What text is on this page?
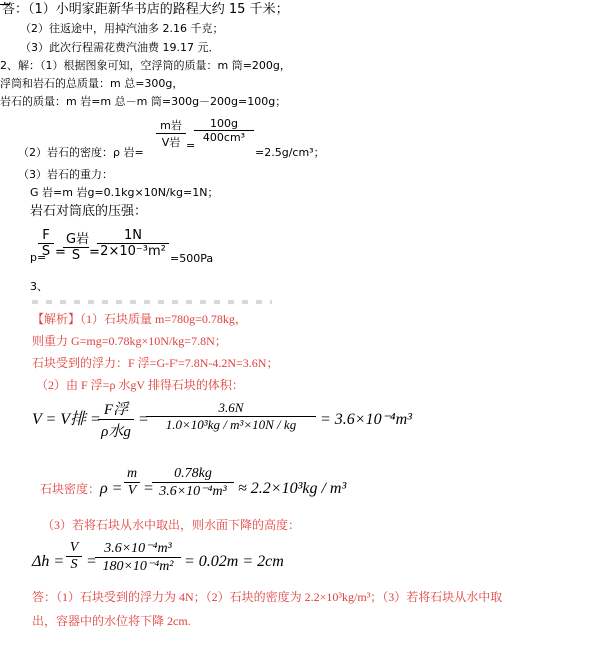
答：（1）小明家距新华书店的路程大约 15 千米；
（2）往返途中，用掉汽油多 2.16 千克；
（3）此次行程需花费汽油费 19.17 元．
2、解：（1）根据图象可知，空浮筒的质量：m 筒=200g，
浮筒和岩石的总质量：m 总=300g，
岩石的质量：m 岩=m 总－m 筒=300g－200g=100g；
（2）岩石的密度：ρ 岩=
m岩
V岩 =
100g
400cm³
=2.5g/cm³；
（3）岩石的重力：
G 岩=m 岩g=0.1kg×10N/kg=1N；
岩石对筒底的压强：
p=
F
S =
G岩
S =
1N
2×10⁻³m² =500Pa
3、
【解析】（1）石块质量 m=780g=0.78kg，
则重力 G=mg=0.78kg×10N/kg=7.8N；
石块受到的浮力：F 浮=G-F'=7.8N-4.2N=3.6N；
（2）由 F 浮=ρ 水gV 排得石块的体积：
V = V排 =
F浮
ρ水g
=
3.6N
1.0×10³kg / m³×10N / kg	= 3.6×10⁻⁴m³
石块密度： ρ =
m
V =
0.78kg
3.6×10⁻⁴m³ ≈ 2.2×10³kg / m³
（3）若将石块从水中取出，则水面下降的高度：
Δh =
V
S =
3.6×10⁻⁴m³
180×10⁻⁴m² = 0.02m = 2cm
答：（1）石块受到的浮力为 4N；（2）石块的密度为 2.2×10³kg/m³；（3）若将石块从水中取
出，容器中的水位将下降 2cm.
